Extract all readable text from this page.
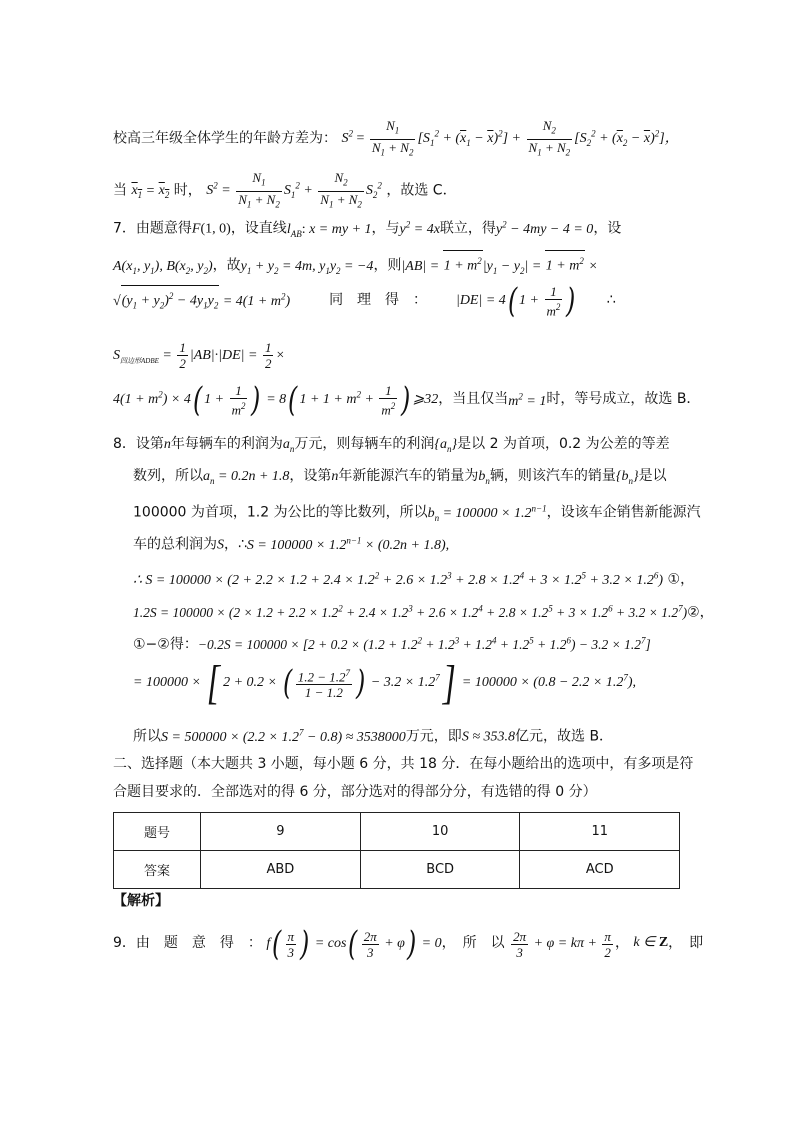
校高三年级全体学生的年龄方差为： $S^2 = \frac{N_1}{N_1 + N_2} [S_1^2 + (\overline{x}_1 - \overline{x})^2] + \frac{N_2}{N_1 + N_2} [S_2^2 + (\overline{x}_2 - \overline{x})^2]$，
当 $x_1 = x_2$ 时， $S^2 = \frac{N_1}{N_1 + N_2} S_1^2 + \frac{N_2}{N_1 + N_2} S_2^2$ ，故选 C．
7．由题意得F(1, 0)，设直线$l_{AB}$: x = my + 1，与$y^2 = 4x$联立，得$y^2 - 4my - 4 = 0$，设
$A(x_1$, $y_1$), $B(x_2$, $y_2$)，故$y_1 + y_2 = 4m$, $y_1y_2 = -4$，则$|AB| = 1 + m^2|y_1 - y_2| = 1 + m^2$ ×
$√(y_1 + y_2)^2 - 4y_1y_2 = 4(1 + m^2)$	同　理　得　： |DE| = 4( $1 + \frac{1}{m^2}$ ) ∴
$S_{四边形ADBE} = \frac{1}{2} |AB|\cdot|DE| = \frac{1}{2}$ ×
$4(1 + m^2) \times 4$( $1 + \frac{1}{m^2}$ ) = 8( $1 + 1 + m^2 + \frac{1}{m^2}$ ) ⩾32，当且仅当$m^2 = 1$时，等号成立，故选 B．
8．设第n年每辆车的利润为$a_n$万元，则每辆车的利润$\{a_n\}$是以 2 为首项，0.2 为公差的等差
数列，所以$a_n = 0.2n + 1.8$，设第n年新能源汽车的销量为$b_n$辆，则该汽车的销量$\{b_n\}$是以
100000 为首项，1.2 为公比的等比数列，所以$b_n = 100000 \times 1.2^{n-1}$，设该车企销售新能源汽
车的总利润为S，∴S = $100000 \times 1.2^{n-1} \times (0.2n + 1.8)$,
∴ $S = 100000 \times (2 + 2.2 \times 1.2 + 2.4 \times 1.2^2 + 2.6 \times 1.2^3 + 2.8 \times 1.2^4 + 3 \times 1.2^5 + 3.2 \times 1.2^6)$ ①，
$1.2S = 100000 \times (2 \times 1.2 + 2.2 \times 1.2^2 + 2.4 \times 1.2^3 + 2.6 \times 1.2^4 + 2.8 \times 1.2^5 + 3 \times 1.2^6 + 3.2$ × $1.2^7)②$，
①−②得：$-0.2S = 100000 \times [2 + 0.2 \times (1.2 + 1.2^2 + 1.2^3 + 1.2^4 + 1.2^5 + 1.2^6) - 3.2 \times 1.2^7]$
= 100000 × [ 2 + 0.2 × ( $\frac{1.2 - 1.2^7}{1 - 1.2}$ ) − $3.2 \times 1.2^7] = 100000 \times (0.8 - 2.2 \times 1.2^7)$,
所以$S = 500000 \times (2.2 \times 1.2^7 - 0.8) \approx 3538000$万元，即S ≈ 353.8亿元，故选 B．
二、选择题（本大题共 3 小题，每小题 6 分，共 18 分．在每小题给出的选项中，有多项是符
合题目要求的．全部选对的得 6 分，部分选对的得部分分，有选错的得 0 分）
题号	9	10	11
答案	ABD	BCD	ACD
【解析】
9．由　题　意　得　： $f( \frac{\pi}{3}$ ) = $\cos( \frac{2\pi}{3} + \varphi) = 0$，　所　以 $\frac{2\pi}{3} + \varphi = k\pi + \frac{\pi}{2}$ ， k ∈ Z，　即
